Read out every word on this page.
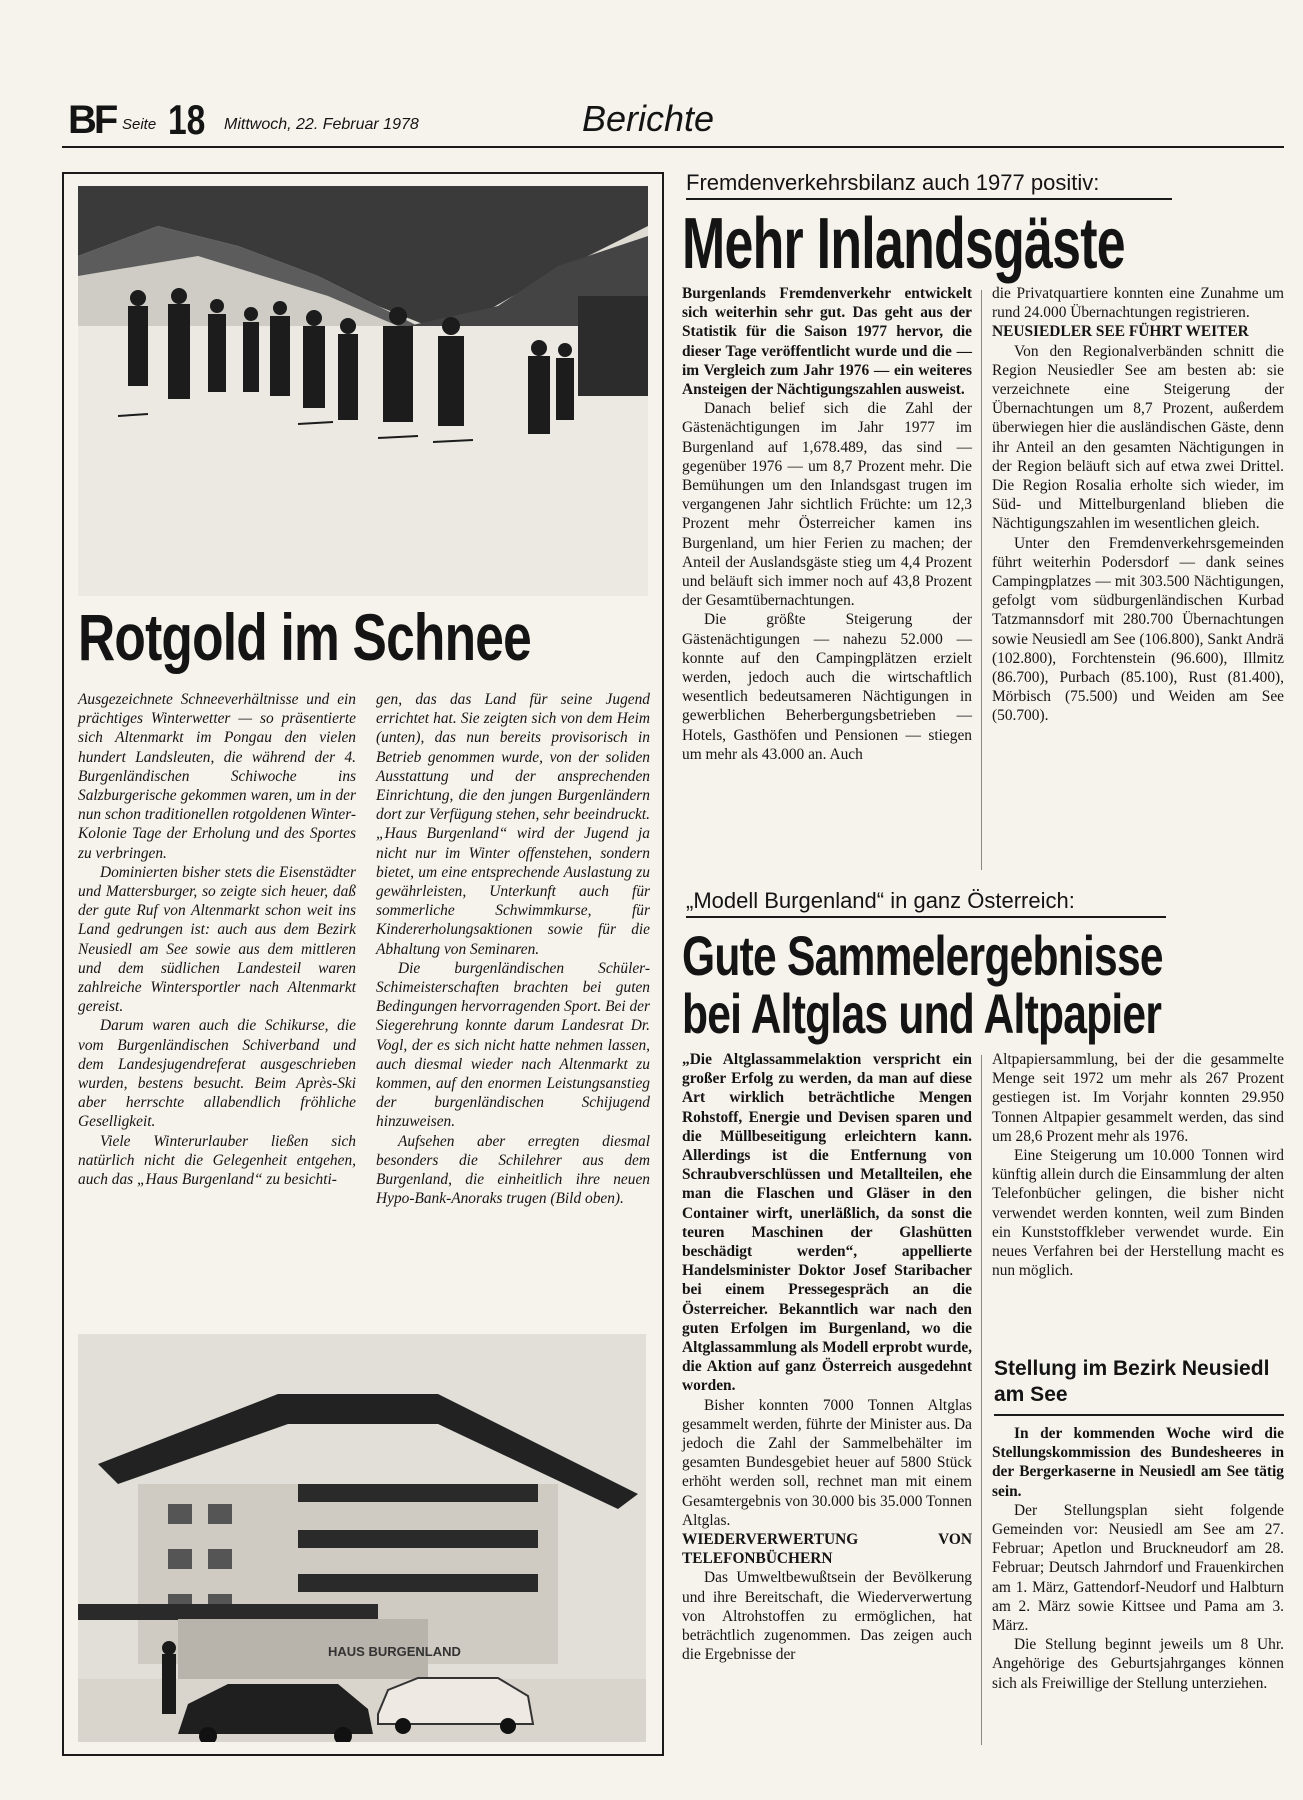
BF Seite 18 Mittwoch, 22. Februar 1978	Berichte
Rotgold im Schnee

Ausgezeichnete Schneeverhältnisse und ein prächtiges Winterwetter — so präsentierte sich Altenmarkt im Pongau den vielen hundert Landsleuten, die während der 4. Burgenländischen Schiwoche ins Salzburgerische gekommen waren, um in der nun schon traditionellen rotgoldenen Winter-Kolonie Tage der Erholung und des Sportes zu verbringen.

Dominierten bisher stets die Eisenstädter und Mattersburger, so zeigte sich heuer, daß der gute Ruf von Altenmarkt schon weit ins Land gedrungen ist: auch aus dem Bezirk Neusiedl am See sowie aus dem mittleren und dem südlichen Landesteil waren zahlreiche Wintersportler nach Altenmarkt gereist.

Darum waren auch die Schikurse, die vom Burgenländischen Schiverband und dem Landesjugendreferat ausgeschrieben wurden, bestens besucht. Beim Après-Ski aber herrschte allabendlich fröhliche Geselligkeit.

Viele Winterurlauber ließen sich natürlich nicht die Gelegenheit entgehen, auch das „Haus Burgenland“ zu besichti-

gen, das das Land für seine Jugend errichtet hat. Sie zeigten sich von dem Heim (unten), das nun bereits provisorisch in Betrieb genommen wurde, von der soliden Ausstattung und der ansprechenden Einrichtung, die den jungen Burgenländern dort zur Verfügung stehen, sehr beeindruckt. „Haus Burgenland“ wird der Jugend ja nicht nur im Winter offenstehen, sondern bietet, um eine entsprechende Auslastung zu gewährleisten, Unterkunft auch für sommerliche Schwimmkurse, für Kindererholungsaktionen sowie für die Abhaltung von Seminaren.

Die burgenländischen Schüler-Schimeisterschaften brachten bei guten Bedingungen hervorragenden Sport. Bei der Siegerehrung konnte darum Landesrat Dr. Vogl, der es sich nicht hatte nehmen lassen, auch diesmal wieder nach Altenmarkt zu kommen, auf den enormen Leistungsanstieg der burgenländischen Schijugend hinzuweisen.

Aufsehen aber erregten diesmal besonders die Schilehrer aus dem Burgenland, die einheitlich ihre neuen Hypo-Bank-Anoraks trugen (Bild oben).

HAUS BURGENLAND
Fremdenverkehrsbilanz auch 1977 positiv:
Mehr Inlandsgäste

Burgenlands Fremdenverkehr entwickelt sich weiterhin sehr gut. Das geht aus der Statistik für die Saison 1977 hervor, die dieser Tage veröffentlicht wurde und die — im Vergleich zum Jahr 1976 — ein weiteres Ansteigen der Nächtigungszahlen ausweist.

Danach belief sich die Zahl der Gästenächtigungen im Jahr 1977 im Burgenland auf 1,678.489, das sind — gegenüber 1976 — um 8,7 Prozent mehr. Die Bemühungen um den Inlandsgast trugen im vergangenen Jahr sichtlich Früchte: um 12,3 Prozent mehr Österreicher kamen ins Burgenland, um hier Ferien zu machen; der Anteil der Auslandsgäste stieg um 4,4 Prozent und beläuft sich immer noch auf 43,8 Prozent der Gesamtübernachtungen.

Die größte Steigerung der Gästenächtigungen — nahezu 52.000 — konnte auf den Campingplätzen erzielt werden, jedoch auch die wirtschaftlich wesentlich bedeutsameren Nächtigungen in gewerblichen Beherbergungsbetrieben — Hotels, Gasthöfen und Pensionen — stiegen um mehr als 43.000 an. Auch

die Privatquartiere konnten eine Zunahme um rund 24.000 Übernachtungen registrieren.

NEUSIEDLER SEE FÜHRT WEITER

Von den Regionalverbänden schnitt die Region Neusiedler See am besten ab: sie verzeichnete eine Steigerung der Übernachtungen um 8,7 Prozent, außerdem überwiegen hier die ausländischen Gäste, denn ihr Anteil an den gesamten Nächtigungen in der Region beläuft sich auf etwa zwei Drittel. Die Region Rosalia erholte sich wieder, im Süd- und Mittelburgenland blieben die Nächtigungszahlen im wesentlichen gleich.

Unter den Fremdenverkehrsgemeinden führt weiterhin Podersdorf — dank seines Campingplatzes — mit 303.500 Nächtigungen, gefolgt vom südburgenländischen Kurbad Tatzmannsdorf mit 280.700 Übernachtungen sowie Neusiedl am See (106.800), Sankt Andrä (102.800), Forchtenstein (96.600), Illmitz (86.700), Purbach (85.100), Rust (81.400), Mörbisch (75.500) und Weiden am See (50.700).

„Modell Burgenland“ in ganz Österreich:
Gute Sammelergebnisse
bei Altglas und Altpapier

„Die Altglassammelaktion verspricht ein großer Erfolg zu werden, da man auf diese Art wirklich beträchtliche Mengen Rohstoff, Energie und Devisen sparen und die Müllbeseitigung erleichtern kann. Allerdings ist die Entfernung von Schraubverschlüssen und Metallteilen, ehe man die Flaschen und Gläser in den Container wirft, unerläßlich, da sonst die teuren Maschinen der Glashütten beschädigt werden“, appellierte Handelsminister Doktor Josef Staribacher bei einem Pressegespräch an die Österreicher. Bekanntlich war nach den guten Erfolgen im Burgenland, wo die Altglassammlung als Modell erprobt wurde, die Aktion auf ganz Österreich ausgedehnt worden.

Bisher konnten 7000 Tonnen Altglas gesammelt werden, führte der Minister aus. Da jedoch die Zahl der Sammelbehälter im gesamten Bundesgebiet heuer auf 5800 Stück erhöht werden soll, rechnet man mit einem Gesamtergebnis von 30.000 bis 35.000 Tonnen Altglas.

WIEDERVERWERTUNG VON TELEFONBÜCHERN

Das Umweltbewußtsein der Bevölkerung und ihre Bereitschaft, die Wiederverwertung von Altrohstoffen zu ermöglichen, hat beträchtlich zugenommen. Das zeigen auch die Ergebnisse der

Altpapiersammlung, bei der die gesammelte Menge seit 1972 um mehr als 267 Prozent gestiegen ist. Im Vorjahr konnten 29.950 Tonnen Altpapier gesammelt werden, das sind um 28,6 Prozent mehr als 1976.

Eine Steigerung um 10.000 Tonnen wird künftig allein durch die Einsammlung der alten Telefonbücher gelingen, die bisher nicht verwendet werden konnten, weil zum Binden ein Kunststoffkleber verwendet wurde. Ein neues Verfahren bei der Herstellung macht es nun möglich.

Stellung im Bezirk Neusiedl am See

In der kommenden Woche wird die Stellungskommission des Bundesheeres in der Bergerkaserne in Neusiedl am See tätig sein.

Der Stellungsplan sieht folgende Gemeinden vor: Neusiedl am See am 27. Februar; Apetlon und Bruckneudorf am 28. Februar; Deutsch Jahrndorf und Frauenkirchen am 1. März, Gattendorf-Neudorf und Halbturn am 2. März sowie Kittsee und Pama am 3. März.

Die Stellung beginnt jeweils um 8 Uhr. Angehörige des Geburtsjahrganges können sich als Freiwillige der Stellung unterziehen.
